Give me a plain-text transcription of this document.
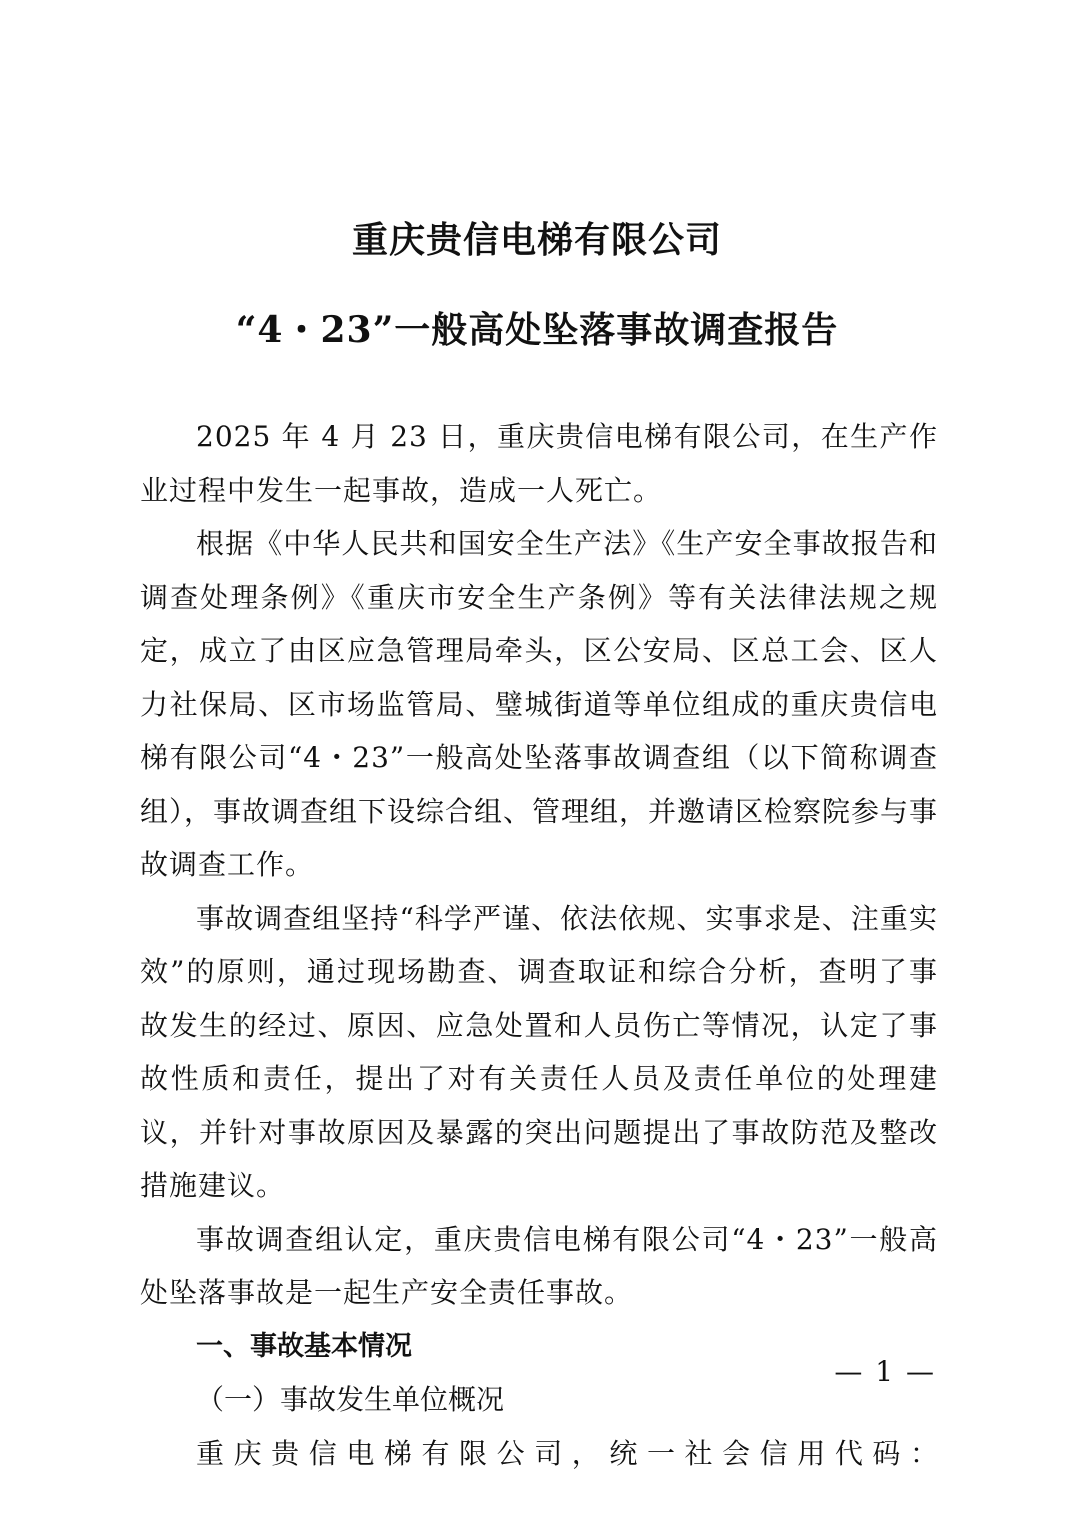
重庆贵信电梯有限公司
“4・23”一般高处坠落事故调查报告

2025 年 4 月 23 日，重庆贵信电梯有限公司，在生产作业过程中发生一起事故，造成一人死亡。

根据《中华人民共和国安全生产法》《生产安全事故报告和调查处理条例》《重庆市安全生产条例》等有关法律法规之规定，成立了由区应急管理局牵头，区公安局、区总工会、区人力社保局、区市场监管局、璧城街道等单位组成的重庆贵信电梯有限公司“4・23”一般高处坠落事故调查组（以下简称调查组），事故调查组下设综合组、管理组，并邀请区检察院参与事故调查工作。

事故调查组坚持“科学严谨、依法依规、实事求是、注重实效”的原则，通过现场勘查、调查取证和综合分析，查明了事故发生的经过、原因、应急处置和人员伤亡等情况，认定了事故性质和责任，提出了对有关责任人员及责任单位的处理建议，并针对事故原因及暴露的突出问题提出了事故防范及整改措施建议。

事故调查组认定，重庆贵信电梯有限公司“4・23”一般高处坠落事故是一起生产安全责任事故。

一、事故基本情况

（一）事故发生单位概况

重 庆 贵 信 电 梯 有 限 公 司 ， 统 一 社 会 信 用 代 码 ：

— 1 —
